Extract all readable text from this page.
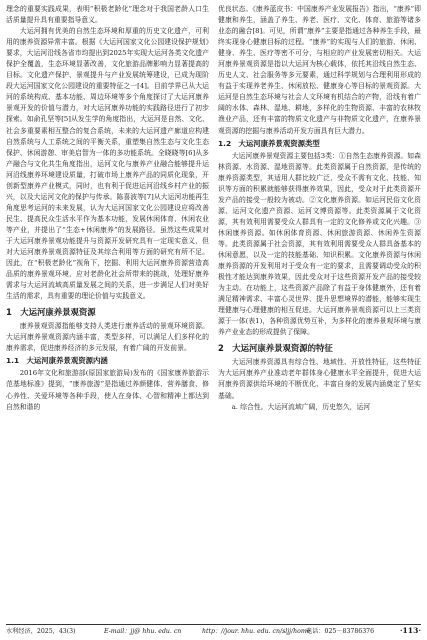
理念的重要实践成果，表明“积极老龄化”理念对于我国老龄人口生活质量提升具有重要指导意义。

大运河拥有优美的自然生态环境和厚重的历史文化遗产，可利用的康养资源异常丰富。根据《大运河国家文化公园建设保护规划》要求，大运河沿线各省市均提出到2025年实现大运河各类文化遗产保护全覆盖，生态环境显著改善，文化旅游品牌影响力显著提高的目标。文化遗产保护、景观提升与产业发展统筹建设，已成为现阶段大运河国家文化公园建设的重要特征之一[4]。目前学界已从大运河的系统构成、基本功能、周边环境等多个角度探讨了大运河康养景观开发的价值与潜力，对大运河康养功能的实践路径进行了初步探索。如俞孔坚等[5]从发生学的角度指出，大运河是自然、文化、社会多重要素相互整合的复合系统，未来的大运河遗产廊道应构建自然系统与人工系统之间的平衡关系，重塑集自然生态与文化生态保护、休闲游憩、审美启智为一体的多功能系统。全晓晓等[6]从多产融合与文化共生角度指出，运河文化与康养产业融合能够提升运河沿线康养环境建设质量，打破市场上康养产品的同质化现象，开创新型康养产业模式，同时，也有利于促进运河沿线乡村产业的振兴，以及大运河文化的保护与传承。陈喜波等[7]从大运河功能再生角度思考运河的未来发展，认为大运河国家文化公园建设应将改善民生、提高民众生活水平作为基本功能，发展休闲体育、休闲农业等产业，并提出了“生态+休闲康养”的发展路径。虽然这些成果对于大运河康养景观功能提升与资源开发研究具有一定现实意义，但对大运河康养景观资源特征及其综合利用等方面的研究有所不足。因此，在“积极老龄化”视角下，挖掘、利用大运河康养资源营造高品质的康养景观环境，应对老龄化社会所带来的挑战，处理好康养需求与大运河流域高质量发展之间的关系，进一步满足人们对美好生活的需求，具有重要的理论价值与实践意义。

1　大运河康养景观资源

康养景观资源指能够支持人类进行康养活动的景观环境资源。大运河康养景观资源内涵丰富，类型多样，可以满足人们多样化的康养需求，促进康养经济的多元发展，有着广阔的开发前景。

1.1　大运河康养景观资源内涵

2016年文化和旅游部(原国家旅游局)发布的《国家康养旅游示范基地标准》提到，“康养旅游”是指通过养颜健体、营养膳食、修心养性、关爱环境等各种手段，使人在身体、心智和精神上都达到自然和谐的

优良状态。《康养蓝皮书：中国康养产业发展报告》指出，“康养”即健康和养生，涵盖了养生、养老、医疗、文化、体育、旅游等诸多业态的融合[8]。可见，所谓“康养”主要是指通过各种养生手段，最终实现身心健康目标的过程。“康养”的实现与人们的旅游、休闲、健身、养生、医疗等密不可分，与相应的产业发展密切相关。大运河康养景观资源是指以大运河为核心载体，依托其沿线自然生态、历史人文、社会服务等多元要素，通过科学规划与合理利用形成的有益于实现养老养生、休闲放松、健康身心等目标的景观资源。大运河是自然生态环境与社会人文环境有机结合的产物，沿线有着广阔的水体、森林、湿地、耕地，多样化的生物资源、丰富的农林牧渔业产品，还有丰富的物质文化遗产与非物质文化遗产，在康养景观资源的挖掘与康养活动开发方面具有巨大潜力。

1.2　大运河康养景观资源类型

大运河康养景观资源主要包括3类：①自然生态康养资源。如森林资源、水资源、湿地资源等。此类资源属于自然资源，是传统的康养资源类型，其适用人群比较广泛，受众不需有文化、技能、知识等方面的积累就能够获得康养效果，因此，受众对于此类资源开发产品的接受一般较为被动。②文化康养资源。如运河民俗文化资源、运河文化遗产资源、运河文博资源等。此类资源属于文化资源，其有效利用需要受众人群具有一定的文化修养或文化兴趣。③休闲康养资源。如休闲体育资源、休闲旅游资源、休闲养生资源等。此类资源属于社会资源，其有效利用需要受众人群具备基本的休闲意愿，以及一定的技能基础、知识积累。文化康养资源与休闲康养资源的开发利用对于受众有一定的要求，且需要调动受众的积极性才能达到康养效果，因此受众对于这些资源开发产品的接受较为主动。在功能上，这些资源产品除了有益于身体健康外，还有着满足精神需求、丰富心灵世界、提升思想境界的潜能，能够实现生理健康与心理健康的相互促进。大运河康养景观资源可以上三类资源于一体(表1)，各种资源优势互补，为多样化的康养景观环境与康养产业业态的形成提供了保障。

2　大运河康养景观资源的特征

大运河康养资源具有综合性、地域性、开放性特征，这些特征为大运河康养产业准动老年群体身心健康水平全面提升，促进大运河康养资源供给环境的不断优化、丰富自身的发展内涵奠定了坚实基础。

a. 综合性。大运河流域广阔，历史悠久，运河

水利经济，2025，43(3)	E-mail：jj@ hhu. edu. cn	http：//jour. hhu. edu. cn/sljj/home
电话：025－83786376	·113·
